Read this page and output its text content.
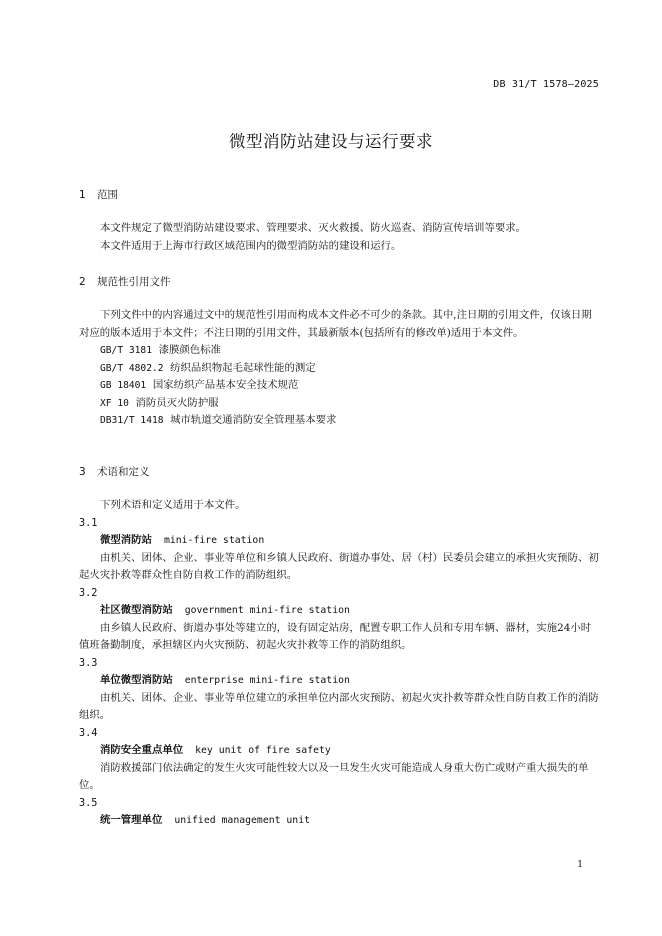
DB 31/T 1578—2025
微型消防站建设与运行要求
1 范围

本文件规定了微型消防站建设要求、管理要求、灭火救援、防火巡查、消防宣传培训等要求。

本文件适用于上海市行政区域范围内的微型消防站的建设和运行。

2 规范性引用文件

下列文件中的内容通过文中的规范性引用而构成本文件必不可少的条款。其中,注日期的引用文件，仅该日期对应的版本适用于本文件；不注日期的引用文件，其最新版本(包括所有的修改单)适用于本文件。

GB/T 3181 漆膜颜色标准
GB/T 4802.2 纺织品织物起毛起球性能的测定
GB 18401 国家纺织产品基本安全技术规范
XF 10 消防员灭火防护服
DB31/T 1418 城市轨道交通消防安全管理基本要求
3 术语和定义

下列术语和定义适用于本文件。

3.1
微型消防站 mini-fire station

由机关、团体、企业、事业等单位和乡镇人民政府、街道办事处、居（村）民委员会建立的承担火灾预防、初起火灾扑救等群众性自防自救工作的消防组织。

3.2
社区微型消防站 government mini-fire station

由乡镇人民政府、街道办事处等建立的，设有固定站房，配置专职工作人员和专用车辆、器材，实施24小时值班备勤制度，承担辖区内火灾预防、初起火灾扑救等工作的消防组织。

3.3
单位微型消防站 enterprise mini-fire station

由机关、团体、企业、事业等单位建立的承担单位内部火灾预防、初起火灾扑救等群众性自防自救工作的消防组织。

3.4
消防安全重点单位 key unit of fire safety

消防救援部门依法确定的发生火灾可能性较大以及一旦发生火灾可能造成人身重大伤亡或财产重大损失的单位。

3.5
统一管理单位 unified management unit
1
